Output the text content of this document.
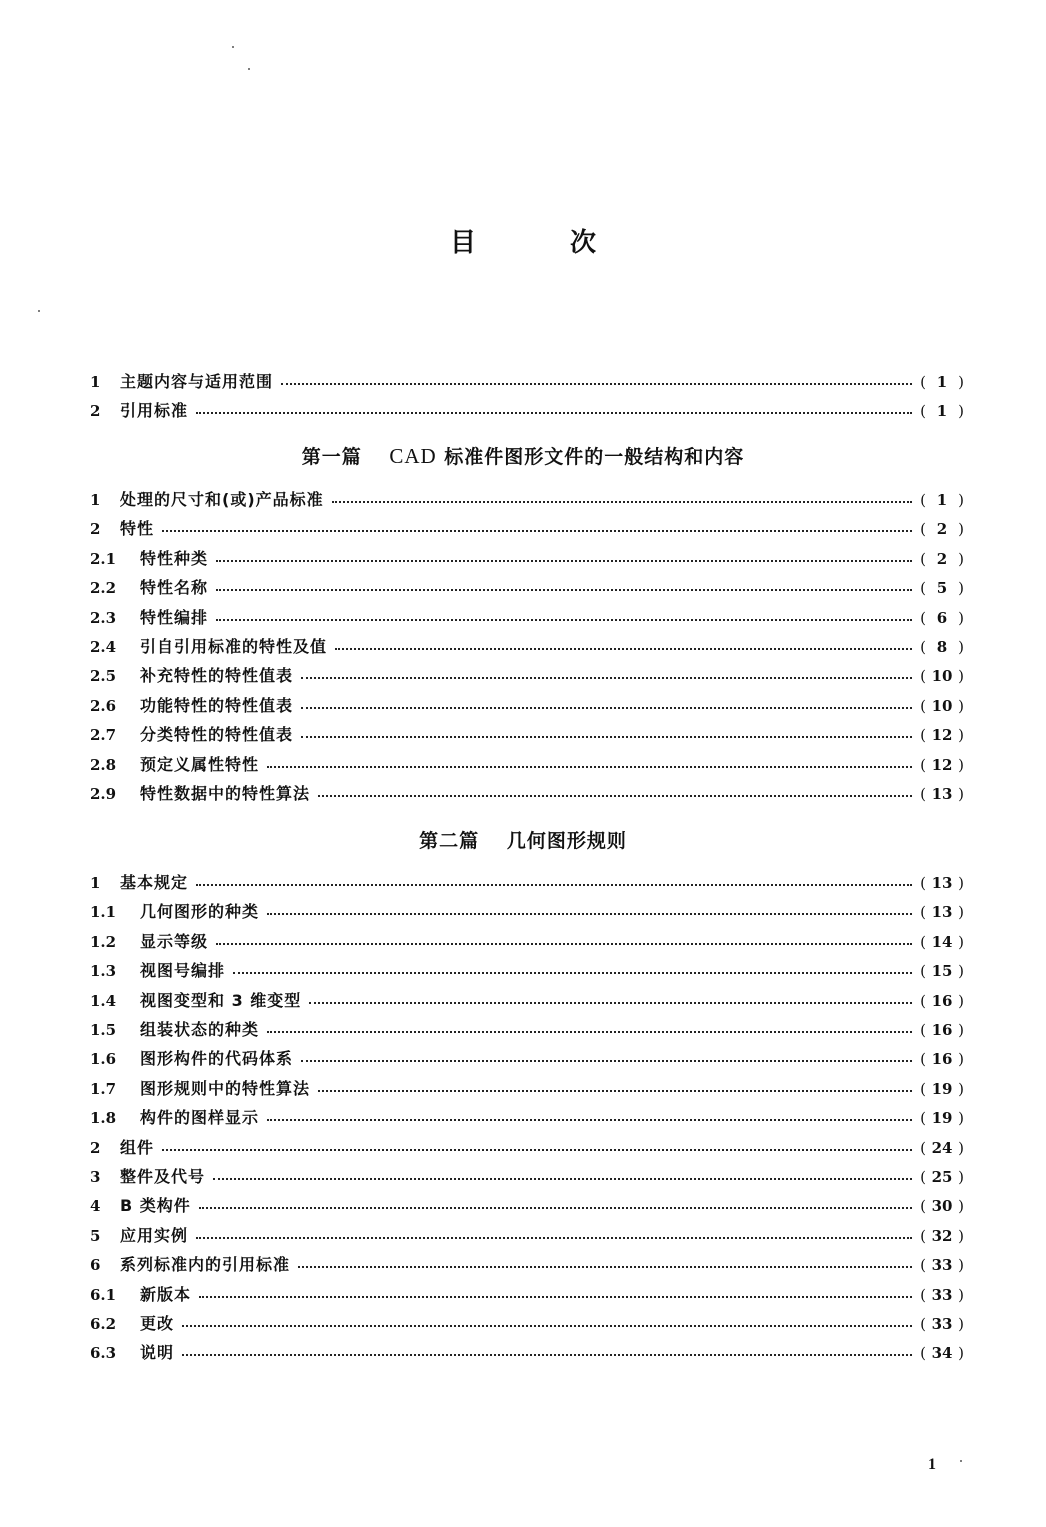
目	次
1	主题内容与适用范围	( 1 )
2	引用标准	( 1 )
第一篇　 CAD 标准件图形文件的一般结构和内容
1	处理的尺寸和(或)产品标准	( 1 )
2	特性	( 2 )
2.1	特性种类	( 2 )
2.2	特性名称	( 5 )
2.3	特性编排	( 6 )
2.4	引自引用标准的特性及值	( 8 )
2.5	补充特性的特性值表	( 10 )
2.6	功能特性的特性值表	( 10 )
2.7	分类特性的特性值表	( 12 )
2.8	预定义属性特性	( 12 )
2.9	特性数据中的特性算法	( 13 )
第二篇　 几何图形规则
1	基本规定	( 13 )
1.1	几何图形的种类	( 13 )
1.2	显示等级	( 14 )
1.3	视图号编排	( 15 )
1.4	视图变型和 3 维变型	( 16 )
1.5	组装状态的种类	( 16 )
1.6	图形构件的代码体系	( 16 )
1.7	图形规则中的特性算法	( 19 )
1.8	构件的图样显示	( 19 )
2	组件	( 24 )
3	整件及代号	( 25 )
4	B 类构件	( 30 )
5	应用实例	( 32 )
6	系列标准内的引用标准	( 33 )
6.1	新版本	( 33 )
6.2	更改	( 33 )
6.3	说明	( 34 )
1
